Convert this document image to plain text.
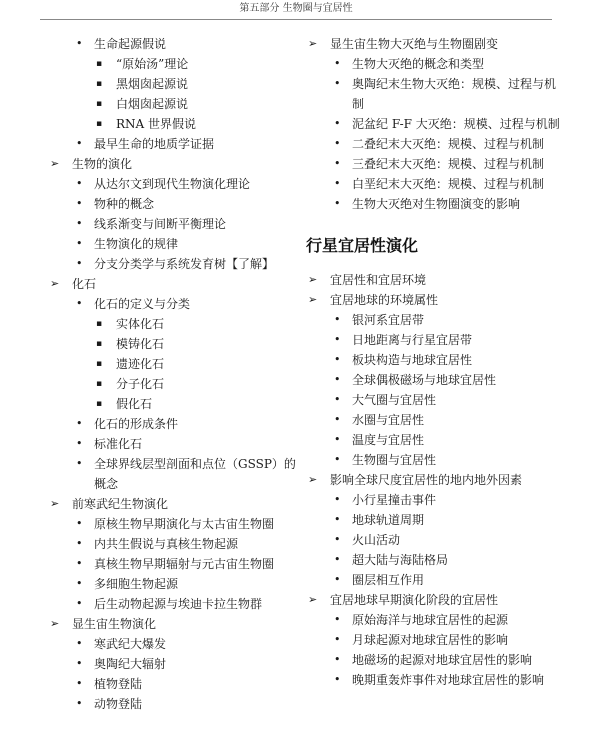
第五部分 生物圈与宜居性
• 生命起源假说
▪ “原始汤”理论
▪ 黑烟囱起源说
▪ 白烟囱起源说
▪ RNA 世界假说
• 最早生命的地质学证据
➢ 生物的演化
• 从达尔文到现代生物演化理论
• 物种的概念
• 线系渐变与间断平衡理论
• 生物演化的规律
• 分支分类学与系统发育树【了解】
➢ 化石
• 化石的定义与分类
▪ 实体化石
▪ 模铸化石
▪ 遗迹化石
▪ 分子化石
▪ 假化石
• 化石的形成条件
• 标准化石
• 全球界线层型剖面和点位（GSSP）的概念
➢ 前寒武纪生物演化
• 原核生物早期演化与太古宙生物圈
• 内共生假说与真核生物起源
• 真核生物早期辐射与元古宙生物圈
• 多细胞生物起源
• 后生动物起源与埃迪卡拉生物群
➢ 显生宙生物演化
• 寒武纪大爆发
• 奥陶纪大辐射
• 植物登陆
• 动物登陆
➢ 显生宙生物大灭绝与生物圈剧变
• 生物大灭绝的概念和类型
• 奥陶纪末生物大灭绝：规模、过程与机制
• 泥盆纪 F-F 大灭绝：规模、过程与机制
• 二叠纪末大灭绝：规模、过程与机制
• 三叠纪末大灭绝：规模、过程与机制
• 白垩纪末大灭绝：规模、过程与机制
• 生物大灭绝对生物圈演变的影响
行星宜居性演化
➢ 宜居性和宜居环境
➢ 宜居地球的环境属性
• 银河系宜居带
• 日地距离与行星宜居带
• 板块构造与地球宜居性
• 全球偶极磁场与地球宜居性
• 大气圈与宜居性
• 水圈与宜居性
• 温度与宜居性
• 生物圈与宜居性
➢ 影响全球尺度宜居性的地内地外因素
• 小行星撞击事件
• 地球轨道周期
• 火山活动
• 超大陆与海陆格局
• 圈层相互作用
➢ 宜居地球早期演化阶段的宜居性
• 原始海洋与地球宜居性的起源
• 月球起源对地球宜居性的影响
• 地磁场的起源对地球宜居性的影响
• 晚期重轰炸事件对地球宜居性的影响
